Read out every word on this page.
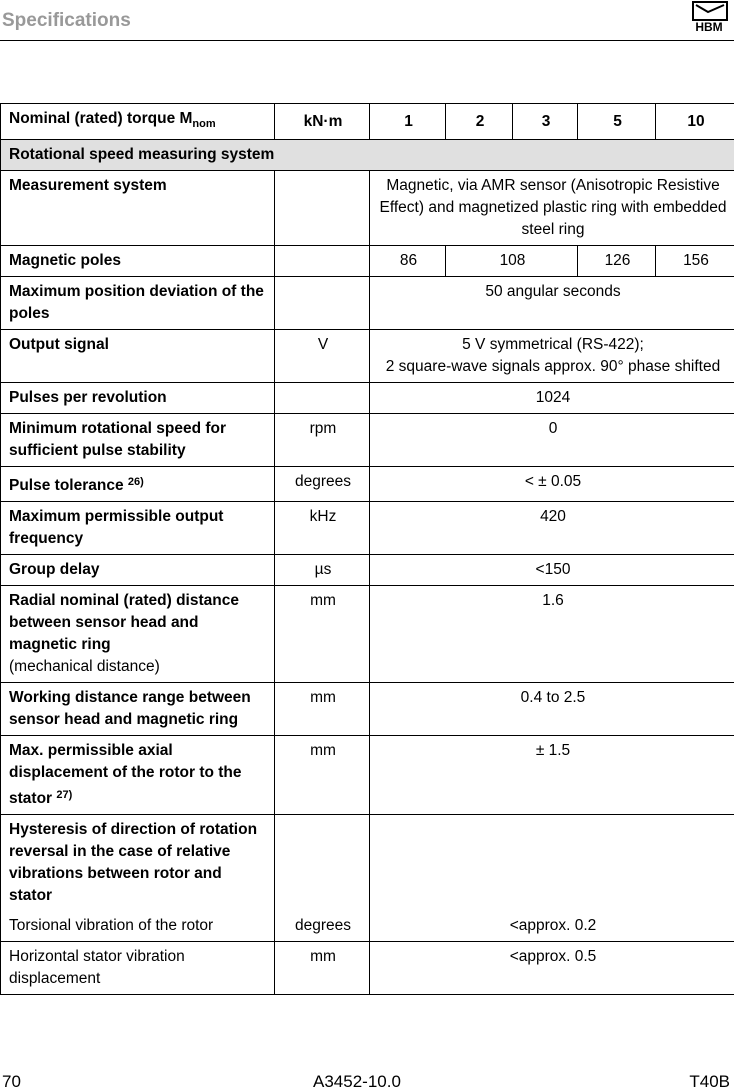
Specifications	HBM
Nominal (rated) torque $M_{nom}$	kN·m	1	2	3	5	10
Rotational speed measuring system						
Measurement system		Magnetic, via AMR sensor (Anisotropic Resistive Effect) and magnetized plastic ring with embedded steel ring				
Magnetic poles		86	108		126	156
Maximum position deviation of the poles		50 angular seconds				
Output signal	V	5 V symmetrical (RS-422);
2 square-wave signals approx. 90° phase shifted				

Pulses per revolution		1024				
Minimum rotational speed for sufficient pulse stability	rpm	0				
Pulse tolerance $^{26)}$	degrees	< ± 0.05				
Maximum permissible output frequency	kHz	420				
Group delay	µs	<150				
Radial nominal (rated) distance between sensor head and magnetic ring
(mechanical distance)	mm	1.6				
Working distance range between sensor head and magnetic ring	mm	0.4 to 2.5				
Max. permissible axial displacement of the rotor to the stator $^{27)}$	mm	± 1.5				
Hysteresis of direction of rotation reversal in the case of relative vibrations between rotor and stator						
Torsional vibration of the rotor	degrees	<approx. 0.2				
Horizontal stator vibration displacement	mm	<approx. 0.5				
70	A3452-10.0	T40B
